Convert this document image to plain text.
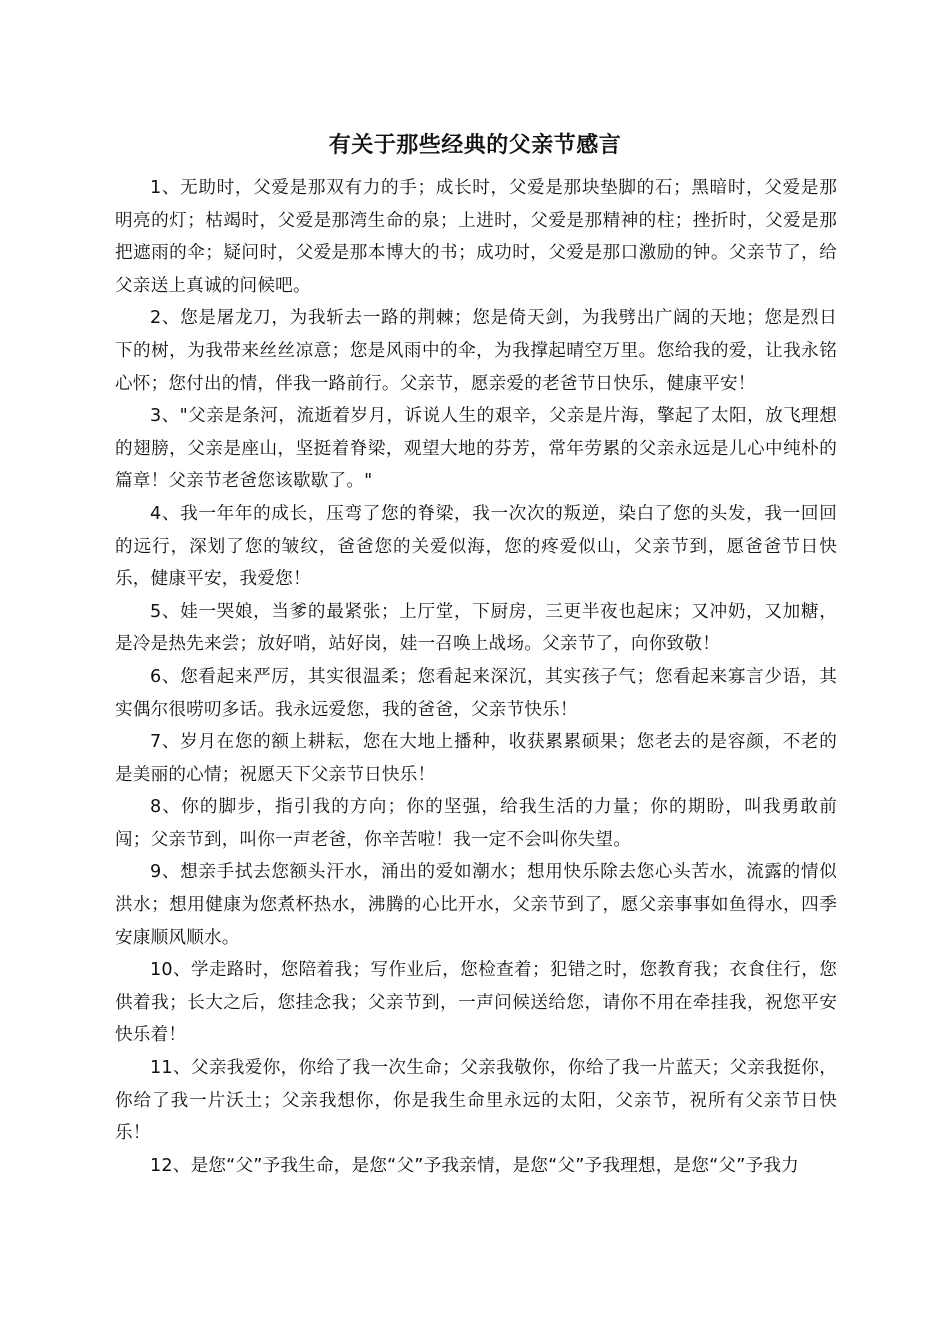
有关于那些经典的父亲节感言

1、无助时，父爱是那双有力的手；成长时，父爱是那块垫脚的石；黑暗时，父爱是那明亮的灯；枯竭时，父爱是那湾生命的泉；上进时，父爱是那精神的柱；挫折时，父爱是那把遮雨的伞；疑问时，父爱是那本博大的书；成功时，父爱是那口激励的钟。父亲节了，给父亲送上真诚的问候吧。

2、您是屠龙刀，为我斩去一路的荆棘；您是倚天剑，为我劈出广阔的天地；您是烈日下的树，为我带来丝丝凉意；您是风雨中的伞，为我撑起晴空万里。您给我的爱，让我永铭心怀；您付出的情，伴我一路前行。父亲节，愿亲爱的老爸节日快乐，健康平安！

3、"父亲是条河，流逝着岁月，诉说人生的艰辛，父亲是片海，擎起了太阳，放飞理想的翅膀，父亲是座山，坚挺着脊梁，观望大地的芬芳，常年劳累的父亲永远是儿心中纯朴的篇章！父亲节老爸您该歇歇了。"

4、我一年年的成长，压弯了您的脊梁，我一次次的叛逆，染白了您的头发，我一回回的远行，深划了您的皱纹，爸爸您的关爱似海，您的疼爱似山，父亲节到，愿爸爸节日快乐，健康平安，我爱您！

5、娃一哭娘，当爹的最紧张；上厅堂，下厨房，三更半夜也起床；又冲奶，又加糖，是冷是热先来尝；放好哨，站好岗，娃一召唤上战场。父亲节了，向你致敬！

6、您看起来严厉，其实很温柔；您看起来深沉，其实孩子气；您看起来寡言少语，其实偶尔很唠叨多话。我永远爱您，我的爸爸，父亲节快乐！

7、岁月在您的额上耕耘，您在大地上播种，收获累累硕果；您老去的是容颜，不老的是美丽的心情；祝愿天下父亲节日快乐！

8、你的脚步，指引我的方向；你的坚强，给我生活的力量；你的期盼，叫我勇敢前闯；父亲节到，叫你一声老爸，你辛苦啦！我一定不会叫你失望。

9、想亲手拭去您额头汗水，涌出的爱如潮水；想用快乐除去您心头苦水，流露的情似洪水；想用健康为您煮杯热水，沸腾的心比开水，父亲节到了，愿父亲事事如鱼得水，四季安康顺风顺水。

10、学走路时，您陪着我；写作业后，您检查着；犯错之时，您教育我；衣食住行，您供着我；长大之后，您挂念我；父亲节到，一声问候送给您，请你不用在牵挂我，祝您平安快乐着！

11、父亲我爱你，你给了我一次生命；父亲我敬你，你给了我一片蓝天；父亲我挺你，你给了我一片沃土；父亲我想你，你是我生命里永远的太阳，父亲节，祝所有父亲节日快乐！

12、是您“父”予我生命，是您“父”予我亲情，是您“父”予我理想，是您“父”予我力
